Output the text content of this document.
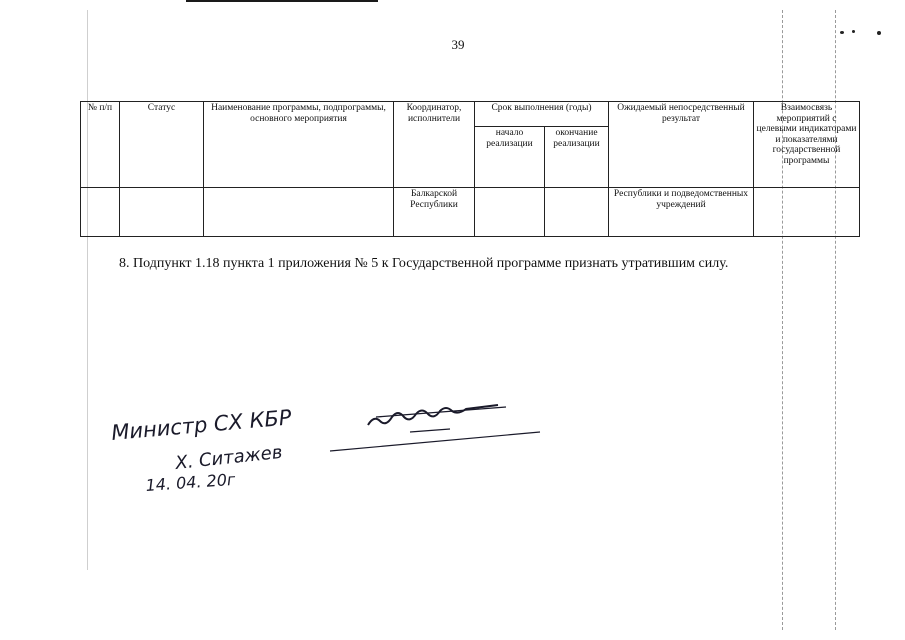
39
№ п/п	Статус	Наименование программы, подпрограммы, основного мероприятия	Координатор, исполнители	Срок выполнения (годы)		Ожидаемый непосредственный результат	Взаимосвязь мероприятий с целевыми индикаторами и показателями государственной программы
				начало реализации	окончание реализации		
			Балкарской Республики			Республики и подведомственных учреждений	
8. Подпункт 1.18 пункта 1 приложения № 5 к Государственной программе признать утратившим силу.
Министр СХ КБР
Х. Ситажев
14. 04. 20г
